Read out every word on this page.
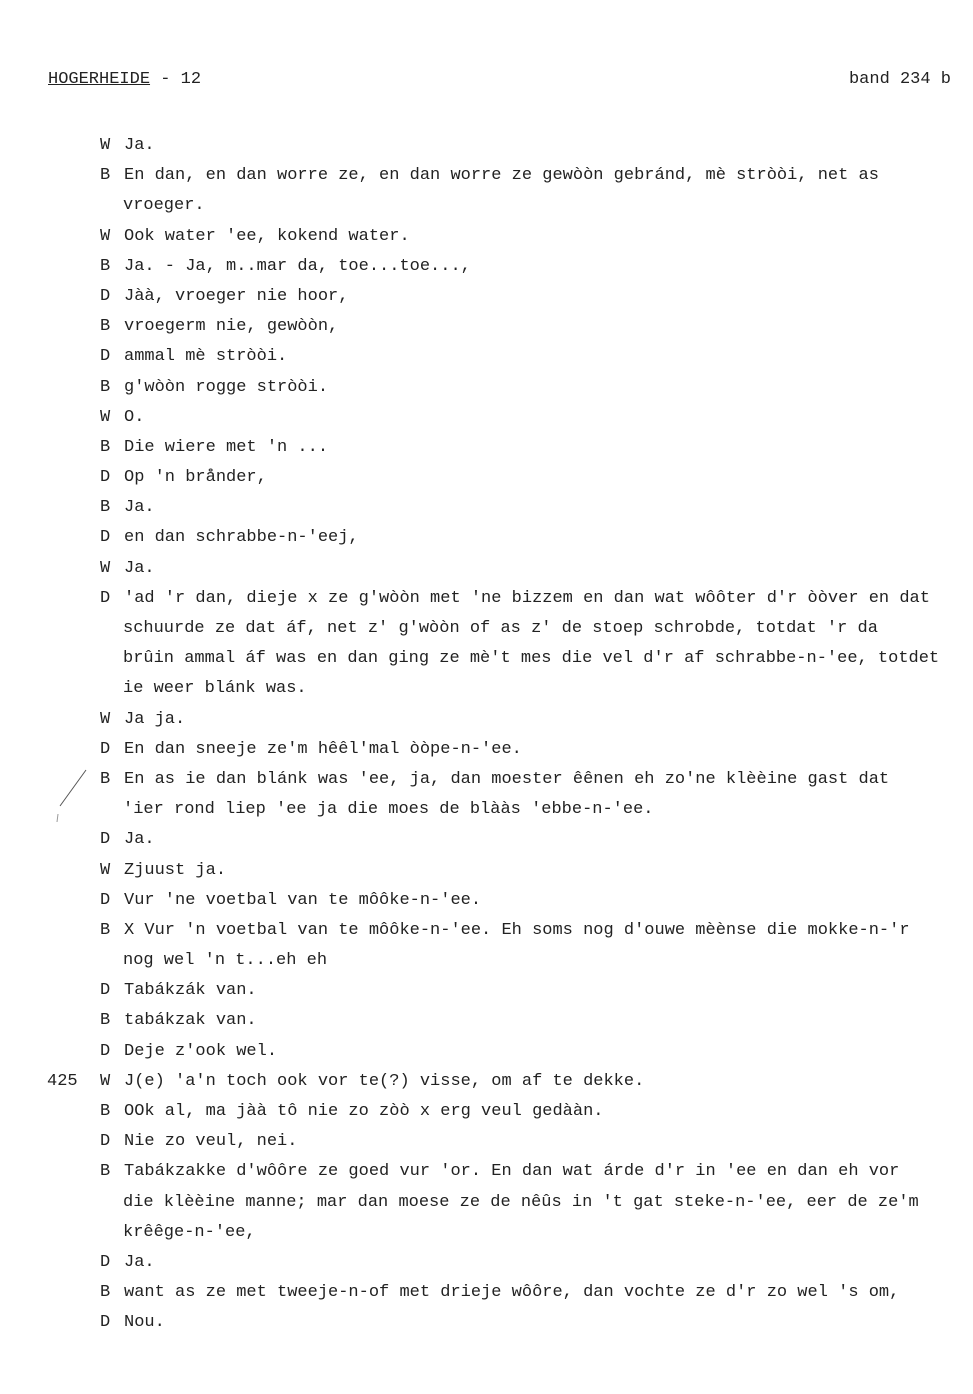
HOGERHEIDE - 12	band 234 b
W Ja.
B En dan, en dan worre ze, en dan worre ze gewòòn gebránd, mè stròòi, net as
vroeger.
W Ook water 'ee, kokend water.
B Ja. - Ja, m..mar da, toe...toe...,
D Jàà, vroeger nie hoor,
B vroegerm nie, gewòòn,
D ammal mè stròòi.
B g'wòòn rogge stròòi.
W O.
B Die wiere met 'n ...
D Op 'n brånder,
B Ja.
D en dan schrabbe-n-'eej,
W Ja.
D 'ad 'r dan, dieje x ze g'wòòn met 'ne bizzem en dan wat wôôter d'r òòver en dat
schuurde ze dat áf, net z' g'wòòn of as z' de stoep schrobde, totdat 'r da
brûin ammal áf was en dan ging ze mè't mes die vel d'r af schrabbe-n-'ee, totdet
ie weer blánk was.
W Ja ja.
D En dan sneeje ze'm hêêl'mal òòpe-n-'ee.
B En as ie dan blánk was 'ee, ja, dan moester êênen eh zo'ne klèèine gast dat
'ier rond liep 'ee ja die moes de blààs 'ebbe-n-'ee.
D Ja.
W Zjuust ja.
D Vur 'ne voetbal van te môôke-n-'ee.
B X Vur 'n voetbal van te môôke-n-'ee. Eh soms nog d'ouwe mèènse die mokke-n-'r
nog wel 'n t...eh eh
D Tabákzák van.
B tabákzak van.
D Deje z'ook wel.
425 W J(e) 'a'n toch ook vor te(?) visse, om af te dekke.
B OOk al, ma jàà tô nie zo zòò x erg veul gedààn.
D Nie zo veul, nei.
B Tabákzakke d'wôôre ze goed vur 'or. En dan wat árde d'r in 'ee en dan eh vor
die klèèine manne; mar dan moese ze de nêûs in 't gat steke-n-'ee, eer de ze'm
krêêge-n-'ee,
D Ja.
B want as ze met tweeje-n-of met drieje wôôre, dan vochte ze d'r zo wel 's om,
D Nou.
